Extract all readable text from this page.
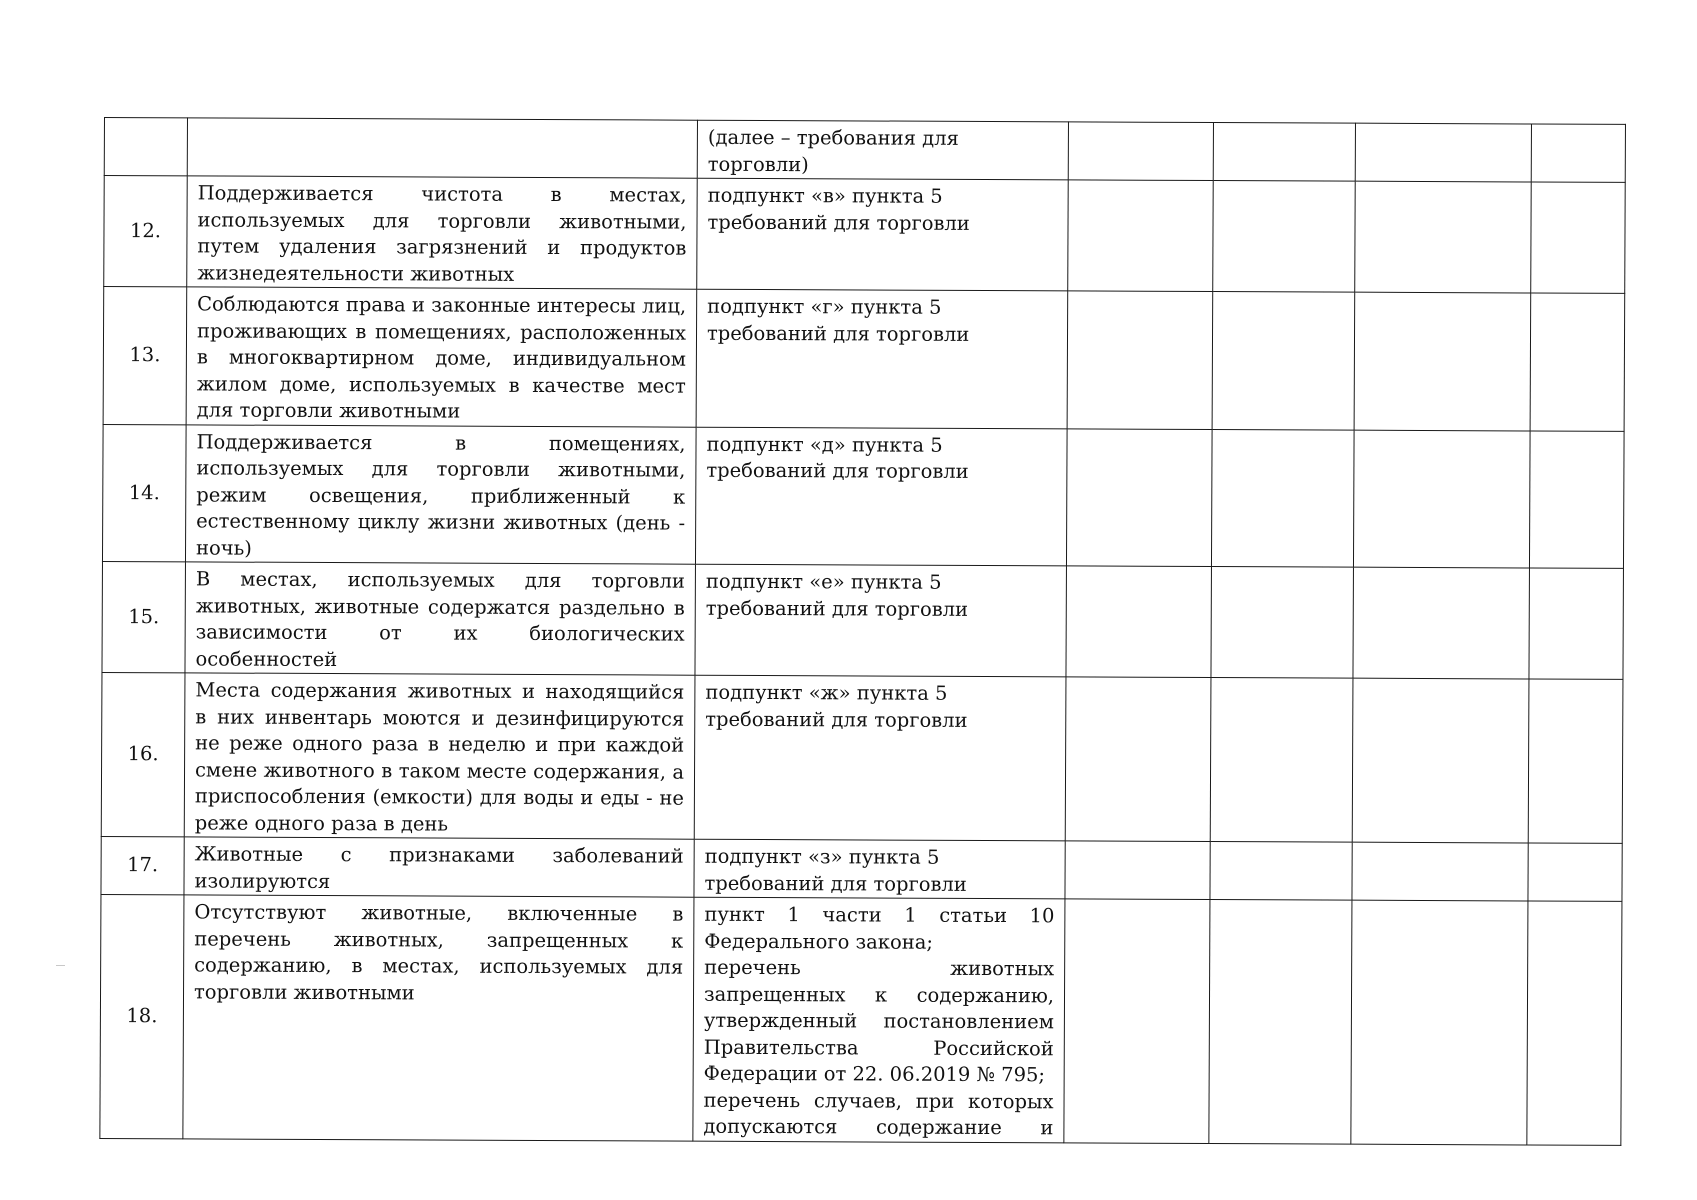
		(далее – требования для торговли)				

12.	Поддерживается чистота в местах, используемых для торговли животными, путем удаления загрязнений и продуктов жизнедеятельности животных	подпункт «в» пункта 5 требований для торговли				

13.	Соблюдаются права и законные интересы лиц, проживающих в помещениях, расположенных в многоквартирном доме, индивидуальном жилом доме, используемых в качестве мест для торговли животными	подпункт «г» пункта 5 требований для торговли				

14.	Поддерживается в помещениях, используемых для торговли животными, режим освещения, приближенный к естественному циклу жизни животных (день - ночь)	подпункт «д» пункта 5 требований для торговли				

15.	В местах, используемых для торговли животных, животные содержатся раздельно в зависимости от их биологических особенностей	подпункт «е» пункта 5 требований для торговли				

16.	Места содержания животных и находящийся в них инвентарь моются и дезинфицируются не реже одного раза в неделю и при каждой смене животного в таком месте содержания, а приспособления (емкости) для воды и еды - не реже одного раза в день	подпункт «ж» пункта 5 требований для торговли				

17.	Животные с признаками заболеваний изолируются	подпункт «з» пункта 5 требований для торговли				

18.	Отсутствуют животные, включенные в перечень животных, запрещенных к содержанию, в местах, используемых для торговли животными	пункт 1 части 1 статьи 10 Федерального закона;
перечень животных запрещенных к содержанию, утвержденный постановлением Правительства Российской Федерации от 22. 06.2019 № 795;
перечень случаев, при которых допускаются содержание и				
